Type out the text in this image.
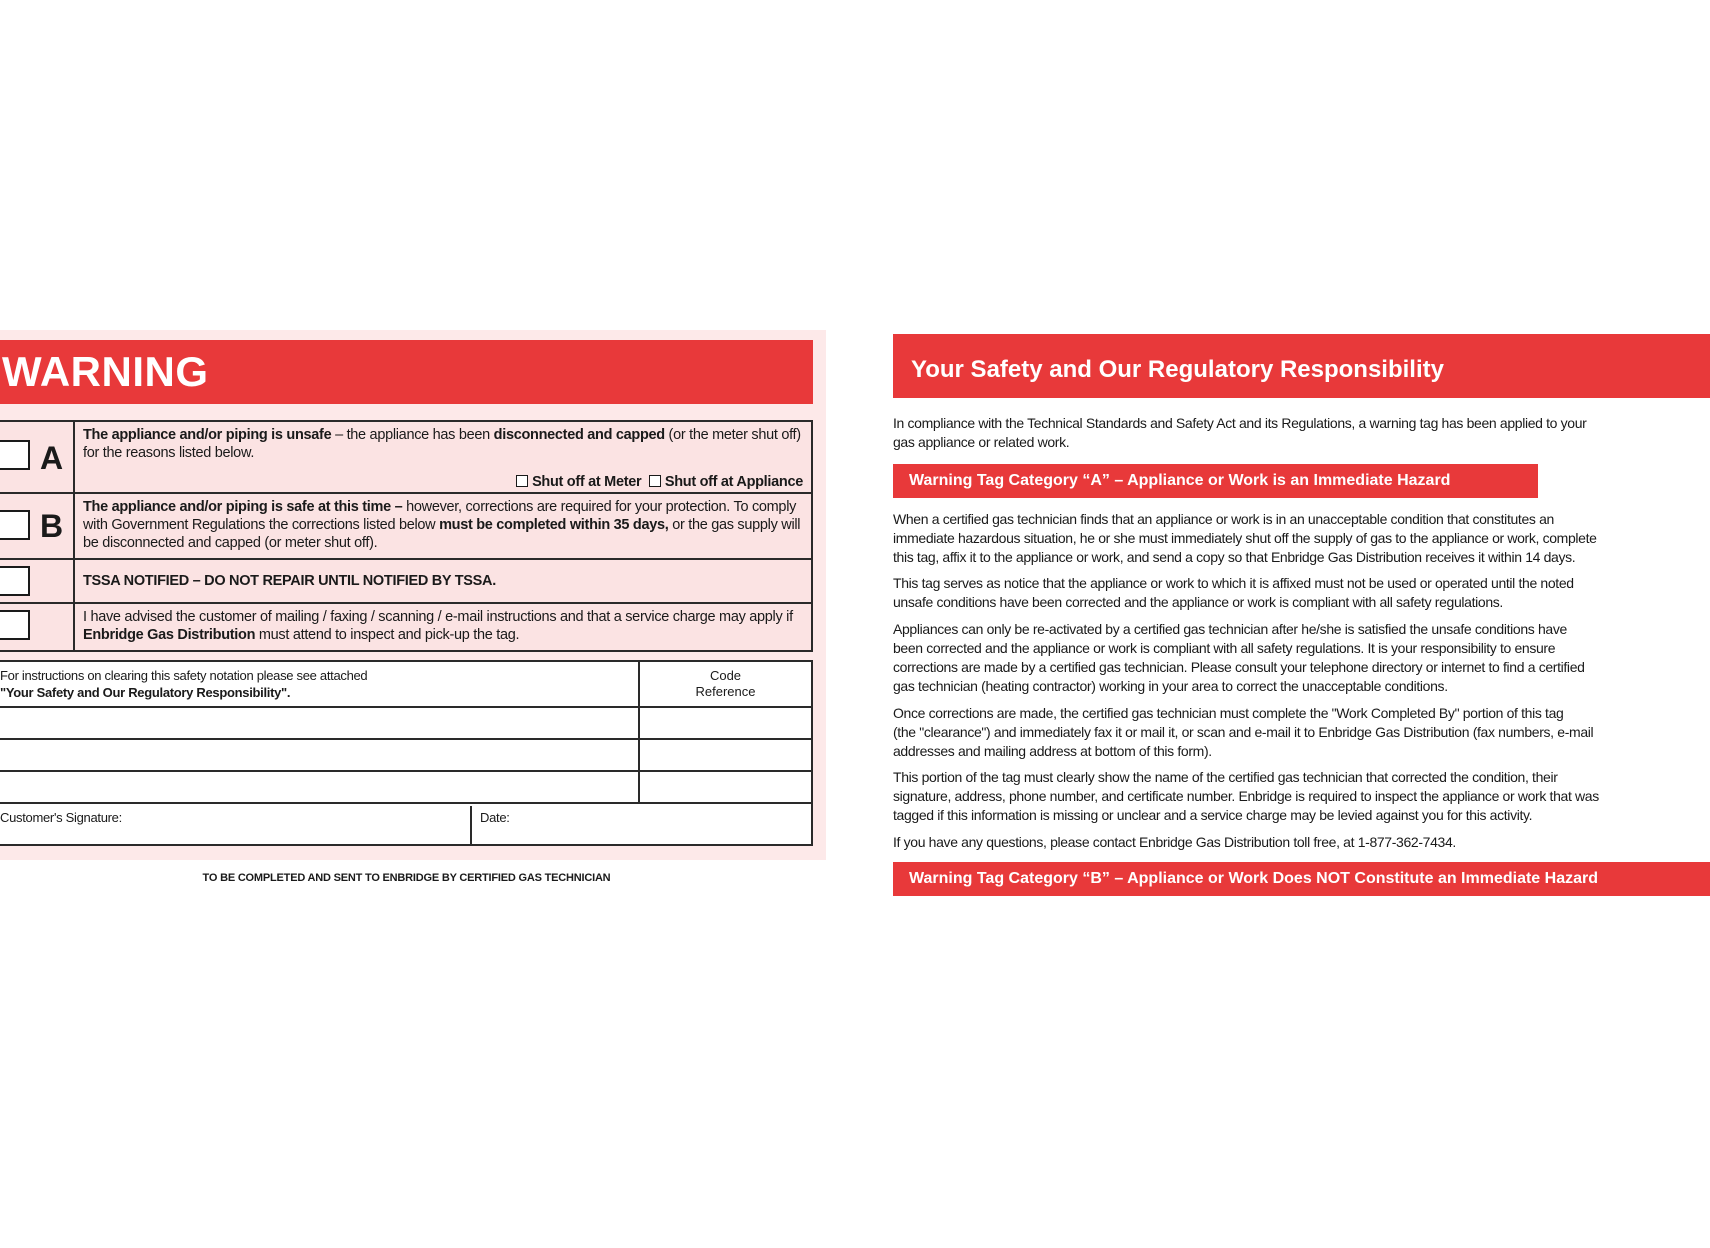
WARNING
A
The appliance and/or piping is unsafe – the appliance has been disconnected and capped (or the meter shut off) for the reasons listed below.
Shut off at Meter Shut off at Appliance
B
The appliance and/or piping is safe at this time – however, corrections are required for your protection. To comply with Government Regulations the corrections listed below must be completed within 35 days, or the gas supply will be disconnected and capped (or meter shut off).
TSSA NOTIFIED – DO NOT REPAIR UNTIL NOTIFIED BY TSSA.
I have advised the customer of mailing / faxing / scanning / e-mail instructions and that a service charge may apply if Enbridge Gas Distribution must attend to inspect and pick-up the tag.
For instructions on clearing this safety notation please see attached
"Your Safety and Our Regulatory Responsibility".
Code
Reference
Customer's Signature:	Date:
TO BE COMPLETED AND SENT TO ENBRIDGE BY CERTIFIED GAS TECHNICIAN
Your Safety and Our Regulatory Responsibility
In compliance with the Technical Standards and Safety Act and its Regulations, a warning tag has been applied to your
gas appliance or related work.
Warning Tag Category “A” – Appliance or Work is an Immediate Hazard
When a certified gas technician finds that an appliance or work is in an unacceptable condition that constitutes an
immediate hazardous situation, he or she must immediately shut off the supply of gas to the appliance or work, complete
this tag, affix it to the appliance or work, and send a copy so that Enbridge Gas Distribution receives it within 14 days.
This tag serves as notice that the appliance or work to which it is affixed must not be used or operated until the noted
unsafe conditions have been corrected and the appliance or work is compliant with all safety regulations.
Appliances can only be re-activated by a certified gas technician after he/she is satisfied the unsafe conditions have
been corrected and the appliance or work is compliant with all safety regulations. It is your responsibility to ensure
corrections are made by a certified gas technician. Please consult your telephone directory or internet to find a certified
gas technician (heating contractor) working in your area to correct the unacceptable conditions.
Once corrections are made, the certified gas technician must complete the "Work Completed By" portion of this tag
(the "clearance") and immediately fax it or mail it, or scan and e-mail it to Enbridge Gas Distribution (fax numbers, e-mail
addresses and mailing address at bottom of this form).
This portion of the tag must clearly show the name of the certified gas technician that corrected the condition, their
signature, address, phone number, and certificate number. Enbridge is required to inspect the appliance or work that was
tagged if this information is missing or unclear and a service charge may be levied against you for this activity.
If you have any questions, please contact Enbridge Gas Distribution toll free, at 1-877-362-7434.
Warning Tag Category “B” – Appliance or Work Does NOT Constitute an Immediate Hazard
